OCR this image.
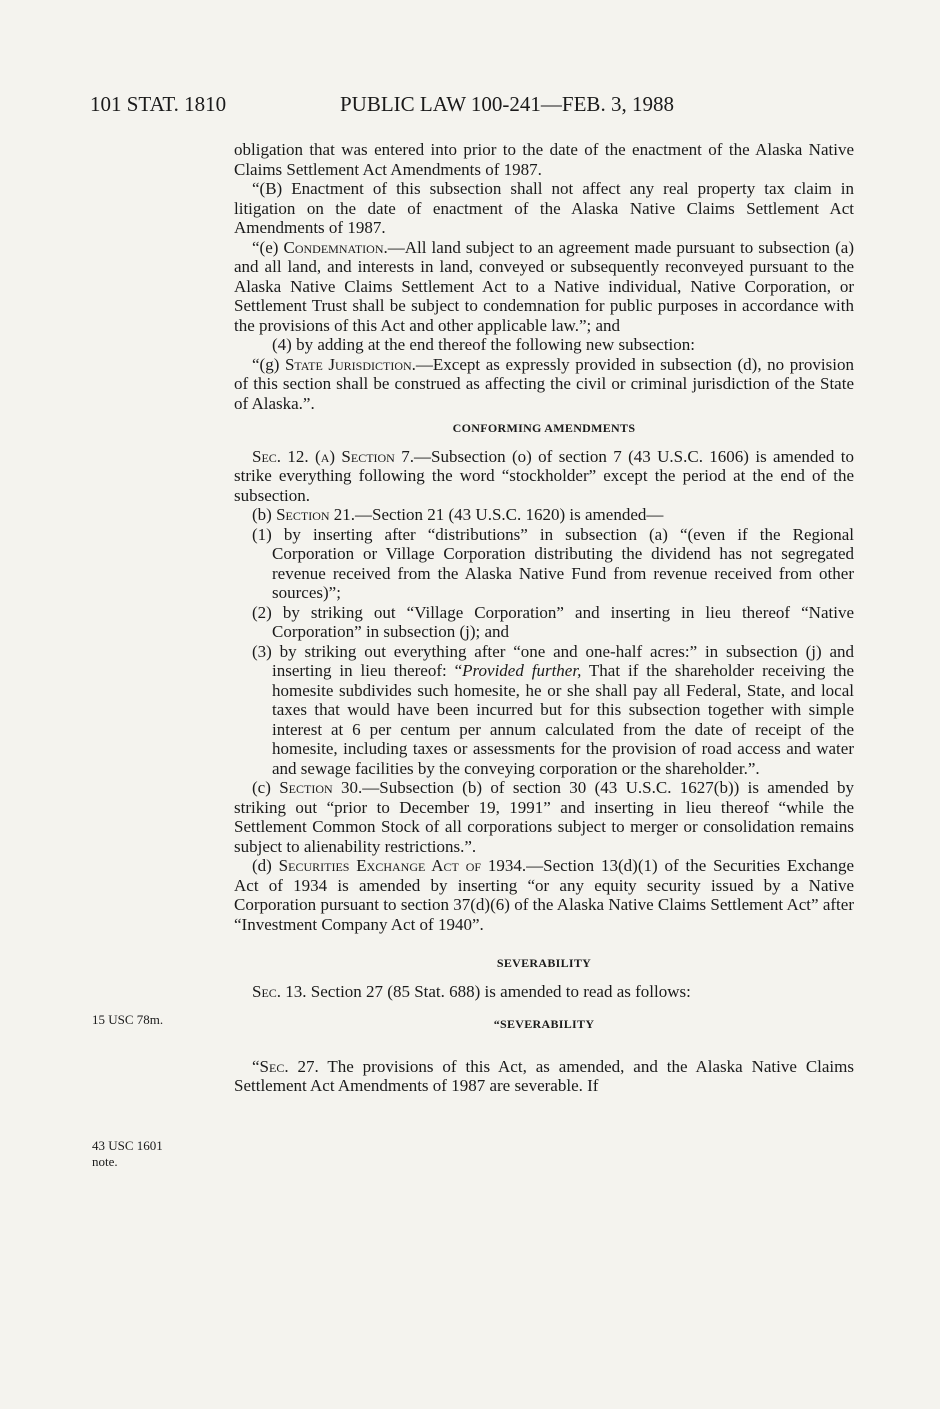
101 STAT. 1810	PUBLIC LAW 100-241—FEB. 3, 1988
15 USC 78m.
43 USC 1601
note.

obligation that was entered into prior to the date of the enactment of the Alaska Native Claims Settlement Act Amendments of 1987.

“(B) Enactment of this subsection shall not affect any real property tax claim in litigation on the date of enactment of the Alaska Native Claims Settlement Act Amendments of 1987.

“(e) Condemnation.—All land subject to an agreement made pursuant to subsection (a) and all land, and interests in land, conveyed or subsequently reconveyed pursuant to the Alaska Native Claims Settlement Act to a Native individual, Native Corporation, or Settlement Trust shall be subject to condemnation for public purposes in accordance with the provisions of this Act and other applicable law.”; and

(4) by adding at the end thereof the following new subsection:

“(g) State Jurisdiction.—Except as expressly provided in subsection (d), no provision of this section shall be construed as affecting the civil or criminal jurisdiction of the State of Alaska.”.

CONFORMING AMENDMENTS

Sec. 12. (a) Section 7.—Subsection (o) of section 7 (43 U.S.C. 1606) is amended to strike everything following the word “stockholder” except the period at the end of the subsection.

(b) Section 21.—Section 21 (43 U.S.C. 1620) is amended—

(1) by inserting after “distributions” in subsection (a) “(even if the Regional Corporation or Village Corporation distributing the dividend has not segregated revenue received from the Alaska Native Fund from revenue received from other sources)”;

(2) by striking out “Village Corporation” and inserting in lieu thereof “Native Corporation” in subsection (j); and

(3) by striking out everything after “one and one-half acres:” in subsection (j) and inserting in lieu thereof: “Provided further, That if the shareholder receiving the homesite subdivides such homesite, he or she shall pay all Federal, State, and local taxes that would have been incurred but for this subsection together with simple interest at 6 per centum per annum calculated from the date of receipt of the homesite, including taxes or assessments for the provision of road access and water and sewage facilities by the conveying corporation or the shareholder.”.

(c) Section 30.—Subsection (b) of section 30 (43 U.S.C. 1627(b)) is amended by striking out “prior to December 19, 1991” and inserting in lieu thereof “while the Settlement Common Stock of all corporations subject to merger or consolidation remains subject to alienability restrictions.”.

(d) Securities Exchange Act of 1934.—Section 13(d)(1) of the Securities Exchange Act of 1934 is amended by inserting “or any equity security issued by a Native Corporation pursuant to section 37(d)(6) of the Alaska Native Claims Settlement Act” after “Investment Company Act of 1940”.

SEVERABILITY

Sec. 13. Section 27 (85 Stat. 688) is amended to read as follows:

“SEVERABILITY

“Sec. 27. The provisions of this Act, as amended, and the Alaska Native Claims Settlement Act Amendments of 1987 are severable. If
